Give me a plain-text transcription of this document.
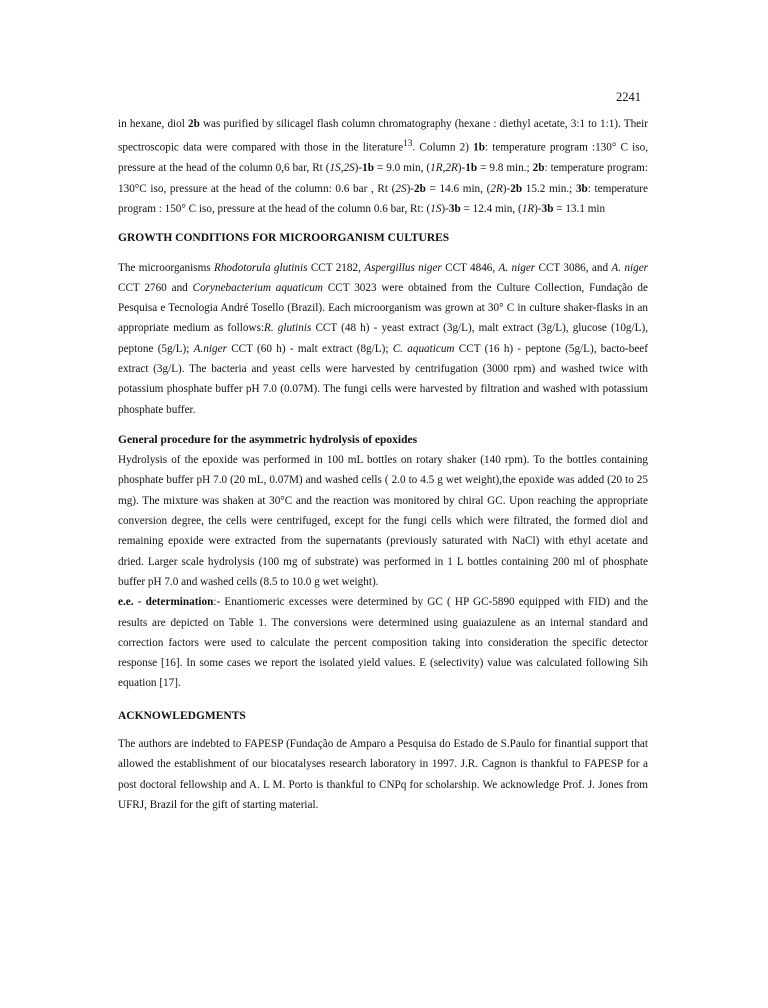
2241

in hexane, diol 2b was purified by silicagel flash column chromatography (hexane : diethyl acetate, 3:1 to 1:1). Their spectroscopic data were compared with those in the literature$^{13}$. Column 2) 1b: temperature program :130° C iso, pressure at the head of the column 0,6 bar, Rt (1S,2S)-1b = 9.0 min, (1R,2R)-1b = 9.8 min.; 2b: temperature program: 130°C iso, pressure at the head of the column: 0.6 bar , Rt (2S)-2b = 14.6 min, (2R)-2b 15.2 min.; 3b: temperature program : 150° C iso, pressure at the head of the column 0.6 bar, Rt: (1S)-3b = 12.4 min, (1R)-3b = 13.1 min

GROWTH CONDITIONS FOR MICROORGANISM CULTURES

The microorganisms Rhodotorula glutinis CCT 2182, Aspergillus niger CCT 4846, A. niger CCT 3086, and A. niger CCT 2760 and Corynebacterium aquaticum CCT 3023 were obtained from the Culture Collection, Fundação de Pesquisa e Tecnologia André Tosello (Brazil). Each microorganism was grown at 30° C in culture shaker-flasks in an appropriate medium as follows:R. glutinis CCT (48 h) - yeast extract (3g/L), malt extract (3g/L), glucose (10g/L), peptone (5g/L); A.niger CCT (60 h) - malt extract (8g/L); C. aquaticum CCT (16 h) - peptone (5g/L), bacto-beef extract (3g/L). The bacteria and yeast cells were harvested by centrifugation (3000 rpm) and washed twice with potassium phosphate buffer pH 7.0 (0.07M). The fungi cells were harvested by filtration and washed with potassium phosphate buffer.

General procedure for the asymmetric hydrolysis of epoxides

Hydrolysis of the epoxide was performed in 100 mL bottles on rotary shaker (140 rpm). To the bottles containing phosphate buffer pH 7.0 (20 mL, 0.07M) and washed cells ( 2.0 to 4.5 g wet weight),the epoxide was added (20 to 25 mg). The mixture was shaken at 30°C and the reaction was monitored by chiral GC. Upon reaching the appropriate conversion degree, the cells were centrifuged, except for the fungi cells which were filtrated, the formed diol and remaining epoxide were extracted from the supernatants (previously saturated with NaCl) with ethyl acetate and dried. Larger scale hydrolysis (100 mg of substrate) was performed in 1 L bottles containing 200 ml of phosphate buffer pH 7.0 and washed cells (8.5 to 10.0 g wet weight).

e.e. - determination:- Enantiomeric excesses were determined by GC ( HP GC-5890 equipped with FID) and the results are depicted on Table 1. The conversions were determined using guaiazulene as an internal standard and correction factors were used to calculate the percent composition taking into consideration the specific detector response [16]. In some cases we report the isolated yield values. E (selectivity) value was calculated following Sih equation [17].

ACKNOWLEDGMENTS

The authors are indebted to FAPESP (Fundação de Amparo a Pesquisa do Estado de S.Paulo for finantial support that allowed the establishment of our biocatalyses research laboratory in 1997. J.R. Cagnon is thankful to FAPESP for a post doctoral fellowship and A. L M. Porto is thankful to CNPq for scholarship. We acknowledge Prof. J. Jones from UFRJ, Brazil for the gift of starting material.
